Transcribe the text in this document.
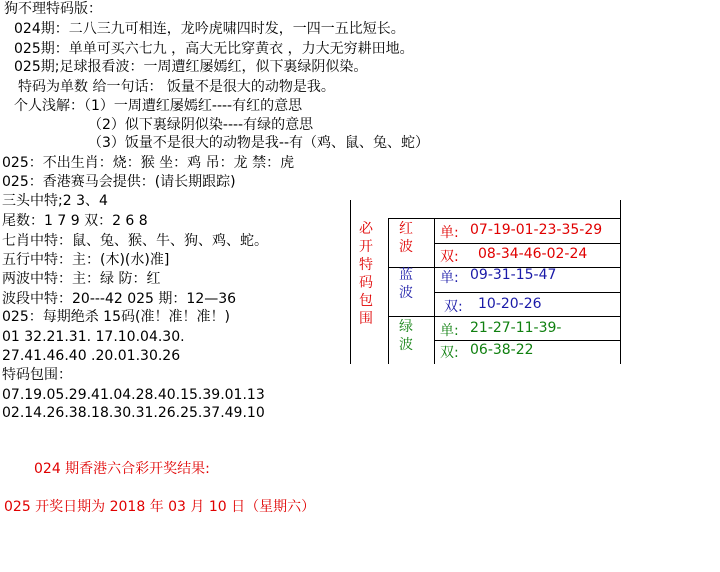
狗不理特码版：
024期：二八三九可相连，龙吟虎啸四时发，一四一五比短长。
025期：单单可买六七九 ，高大无比穿黄衣 ，力大无穷耕田地。
025期;足球报看波：一周遭红屡嫣红，似下裏绿阴似染。
特码为单数 给一句话： 饭量不是很大的动物是我。
个人浅解：（1）一周遭红屡嫣红----有红的意思
（2）似下裏绿阴似染----有绿的意思
（3）饭量不是很大的动物是我--有（鸡、鼠、兔、蛇）
025：不出生肖：烧：猴 坐：鸡 吊：龙 禁：虎
025：香港赛马会提供：(请长期跟踪)
三头中特;2 3、4
尾数：1 7 9 双：2 6 8
七肖中特：鼠、兔、猴、牛、狗、鸡、蛇。
五行中特：主：(木)(水)准]
两波中特：主：绿 防：红
波段中特：20---42 025 期：12—36
025：每期绝杀 15码(准！准！准！)
01 32.21.31. 17.10.04.30.
27.41.46.40 .20.01.30.26
特码包围：
07.19.05.29.41.04.28.40.15.39.01.13
02.14.26.38.18.30.31.26.25.37.49.10
024 期香港六合彩开奖结果:
025 开奖日期为 2018 年 03 月 10 日（星期六）
必开特码包围
红波
单: 07-19-01-23-35-29
双: 08-34-46-02-24
蓝波
单: 09-31-15-47
双: 10-20-26
绿波
单: 21-27-11-39-
双: 06-38-22
